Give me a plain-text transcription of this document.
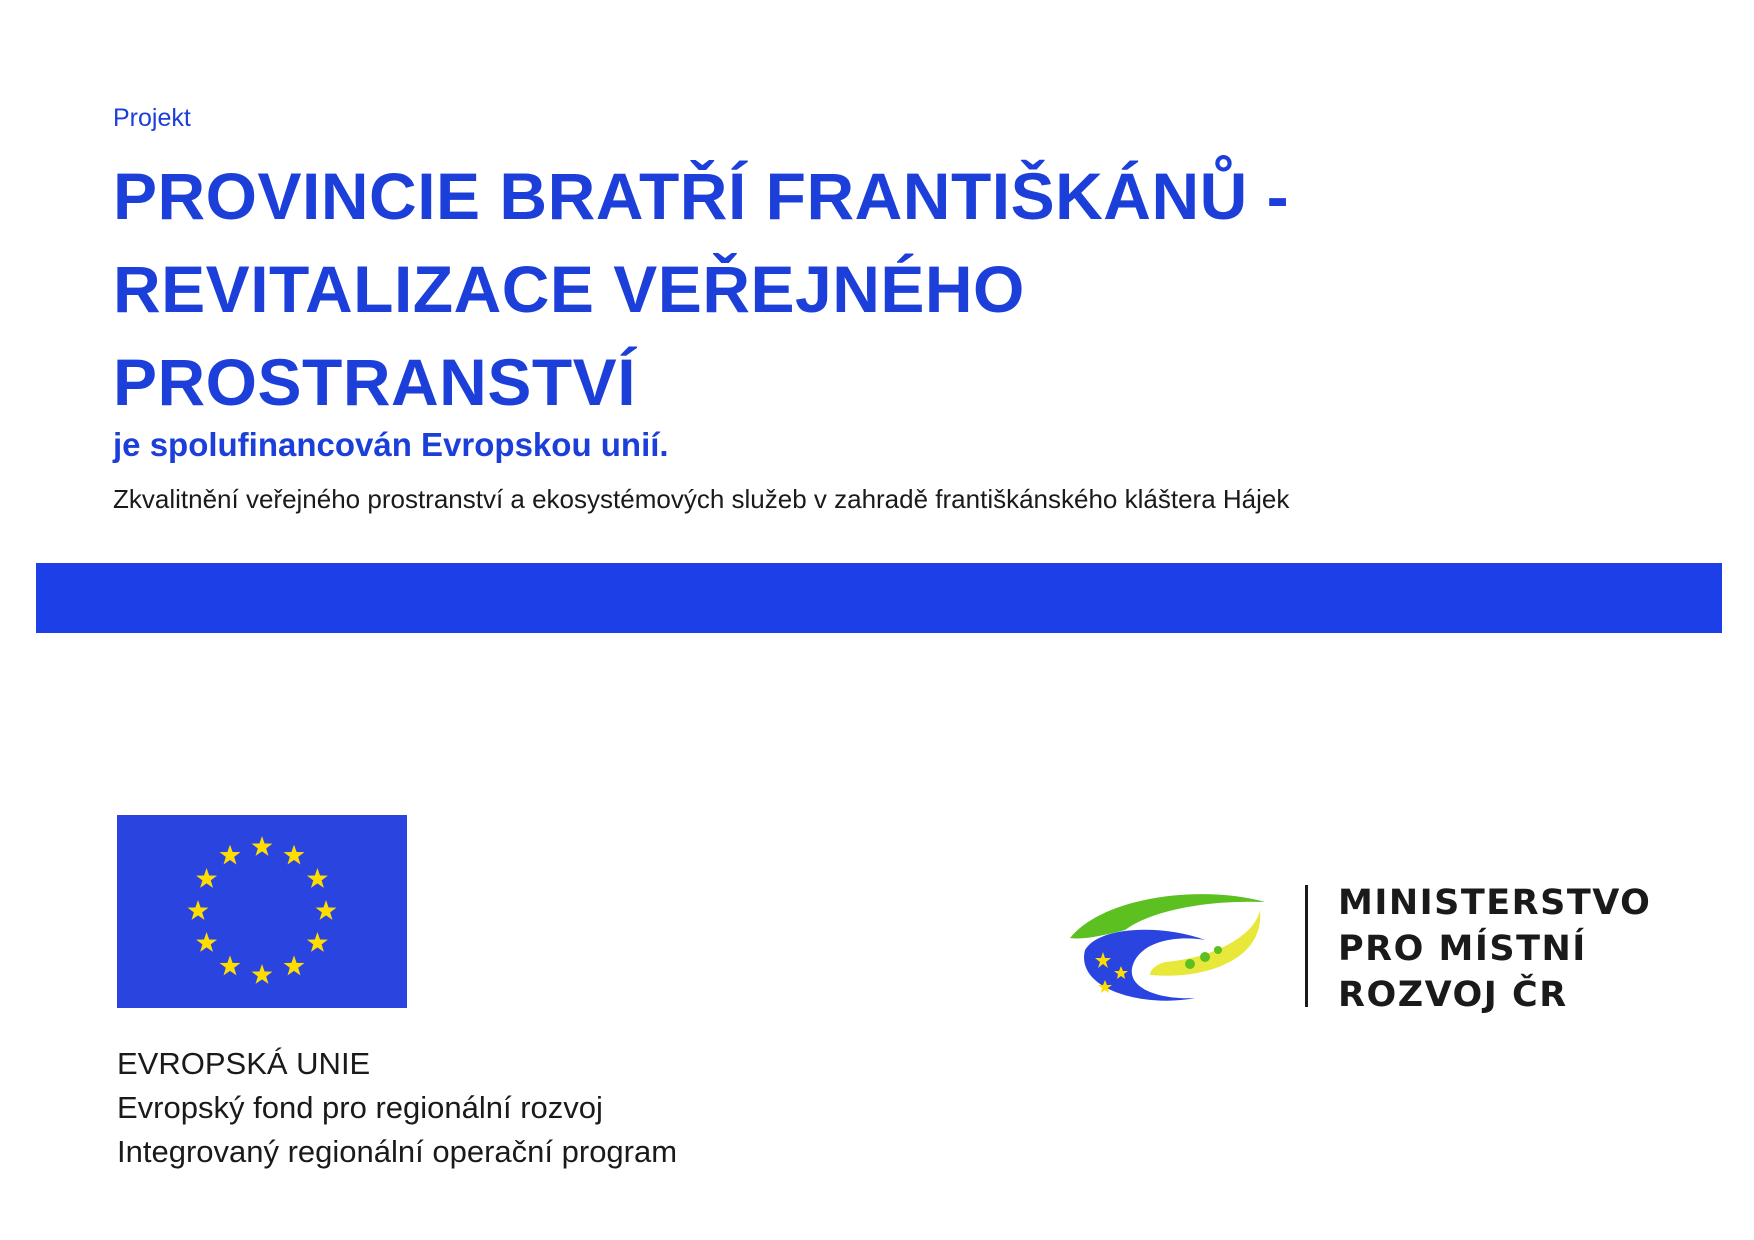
Projekt
PROVINCIE BRATŘÍ FRANTIŠKÁNŮ -
REVITALIZACE VEŘEJNÉHO
PROSTRANSTVÍ
je spolufinancován Evropskou unií.
Zkvalitnění veřejného prostranství a ekosystémových služeb v zahradě františkánského kláštera Hájek
EVROPSKÁ UNIE
Evropský fond pro regionální rozvoj
Integrovaný regionální operační program
MINISTERSTVO
PRO MÍSTNÍ
ROZVOJ ČR
